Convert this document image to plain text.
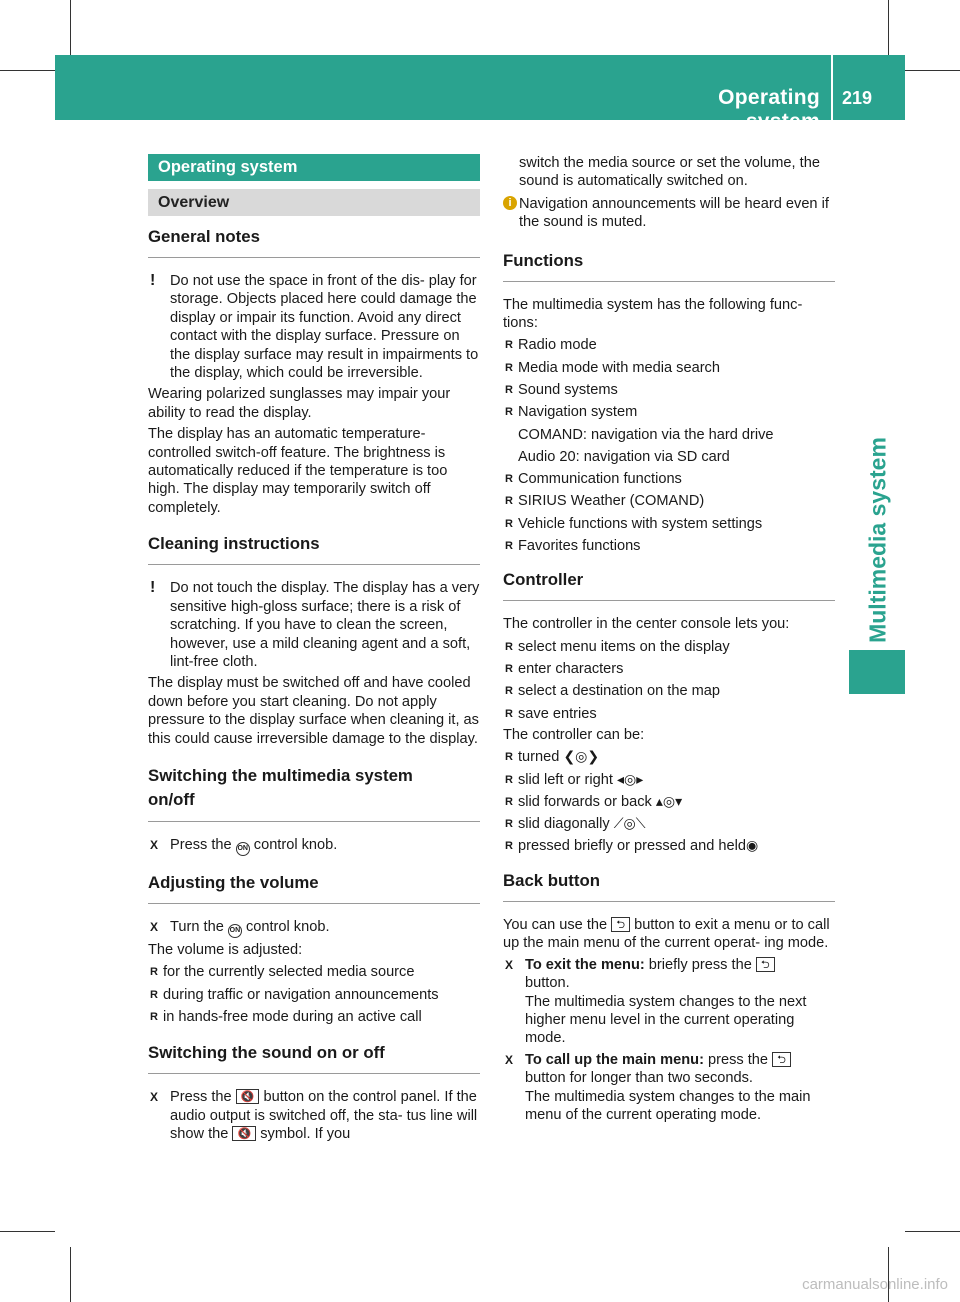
Operating system
219
Multimedia system
carmanualsonline.info
Operating system
Overview
General notes
! Do not use the space in front of the dis- play for storage. Objects placed here could damage the display or impair its function. Avoid any direct contact with the display surface. Pressure on the display surface may result in impairments to the display, which could be irreversible.

Wearing polarized sunglasses may impair your ability to read the display.

The display has an automatic temperature- controlled switch-off feature. The brightness is automatically reduced if the temperature is too high. The display may temporarily switch off completely.

Cleaning instructions
! Do not touch the display. The display has a very sensitive high-gloss surface; there is a risk of scratching. If you have to clean the screen, however, use a mild cleaning agent and a soft, lint-free cloth.

The display must be switched off and have cooled down before you start cleaning. Do not apply pressure to the display surface when cleaning it, as this could cause irreversible damage to the display.

Switching the multimedia system
on/off
X Press the ON control knob.
Adjusting the volume
X Turn the ON control knob.

The volume is adjusted:

R for the currently selected media source
R during traffic or navigation announcements
R in hands-free mode during an active call
Switching the sound on or off
X Press the 🔇 button on the control panel. If the audio output is switched off, the sta- tus line will show the 🔇 symbol. If you

switch the media source or set the volume, the sound is automatically switched on.

i Navigation announcements will be heard even if the sound is muted.

Functions

The multimedia system has the following func- tions:

R Radio mode
R Media mode with media search
R Sound systems
R Navigation system
COMAND: navigation via the hard drive
Audio 20: navigation via SD card
R Communication functions
R SIRIUS Weather (COMAND)
R Vehicle functions with system settings
R Favorites functions
Controller

The controller in the center console lets you:

R select menu items on the display
R enter characters
R select a destination on the map
R save entries

The controller can be:

R turned ❮◎❯
R slid left or right ◂◎▸
R slid forwards or back ▴◎▾
R slid diagonally ⟋◎⟍
R pressed briefly or pressed and held◉
Back button

You can use the ⮌ button to exit a menu or to call up the main menu of the current operat- ing mode.

X To exit the menu: briefly press the ⮌
button.
The multimedia system changes to the next higher menu level in the current operating mode.
X To call up the main menu: press the ⮌ button for longer than two seconds.
The multimedia system changes to the main menu of the current operating mode.
